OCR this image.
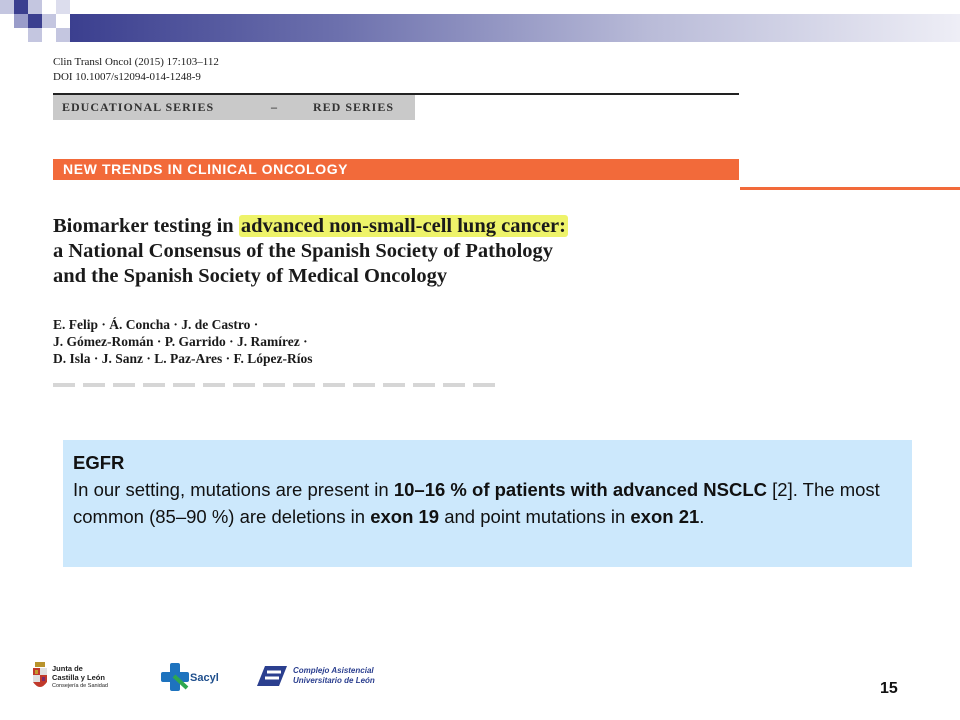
Clin Transl Oncol (2015) 17:103–112
DOI 10.1007/s12094-014-1248-9
EDUCATIONAL SERIES	–	RED SERIES
NEW TRENDS IN CLINICAL ONCOLOGY
Biomarker testing in advanced non-small-cell lung cancer:
a National Consensus of the Spanish Society of Pathology
and the Spanish Society of Medical Oncology
E. Felip · Á. Concha · J. de Castro ·
J. Gómez-Román · P. Garrido · J. Ramírez ·
D. Isla · J. Sanz · L. Paz-Ares · F. López-Ríos
EGFR
In our setting, mutations are present in 10–16 % of patients with advanced NSCLC [2]. The most common (85–90 %) are deletions in exon 19 and point mutations in exon 21.
Junta de
Castilla y León
Consejería de Sanidad
Sacyl
Complejo Asistencial
Universitario de León	15
